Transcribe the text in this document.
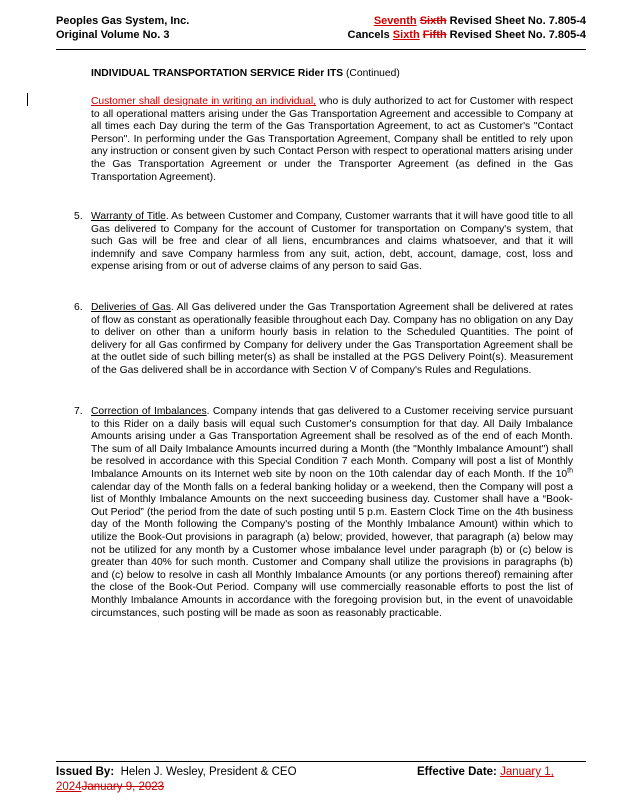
Peoples Gas System, Inc.
Original Volume No. 3
Seventh Sixth Revised Sheet No. 7.805-4
Cancels Sixth Fifth Revised Sheet No. 7.805-4
INDIVIDUAL TRANSPORTATION SERVICE Rider ITS (Continued)
Customer shall designate in writing an individual, who is duly authorized to act for Customer with respect to all operational matters arising under the Gas Transportation Agreement and accessible to Company at all times each Day during the term of the Gas Transportation Agreement, to act as Customer's "Contact Person". In performing under the Gas Transportation Agreement, Company shall be entitled to rely upon any instruction or consent given by such Contact Person with respect to operational matters arising under the Gas Transportation Agreement or under the Transporter Agreement (as defined in the Gas Transportation Agreement).
5. Warranty of Title. As between Customer and Company, Customer warrants that it will have good title to all Gas delivered to Company for the account of Customer for transportation on Company's system, that such Gas will be free and clear of all liens, encumbrances and claims whatsoever, and that it will indemnify and save Company harmless from any suit, action, debt, account, damage, cost, loss and expense arising from or out of adverse claims of any person to said Gas.
6. Deliveries of Gas. All Gas delivered under the Gas Transportation Agreement shall be delivered at rates of flow as constant as operationally feasible throughout each Day. Company has no obligation on any Day to deliver on other than a uniform hourly basis in relation to the Scheduled Quantities. The point of delivery for all Gas confirmed by Company for delivery under the Gas Transportation Agreement shall be at the outlet side of such billing meter(s) as shall be installed at the PGS Delivery Point(s). Measurement of the Gas delivered shall be in accordance with Section V of Company's Rules and Regulations.
7. Correction of Imbalances. Company intends that gas delivered to a Customer receiving service pursuant to this Rider on a daily basis will equal such Customer's consumption for that day. All Daily Imbalance Amounts arising under a Gas Transportation Agreement shall be resolved as of the end of each Month. The sum of all Daily Imbalance Amounts incurred during a Month (the "Monthly Imbalance Amount") shall be resolved in accordance with this Special Condition 7 each Month. Company will post a list of Monthly Imbalance Amounts on its Internet web site by noon on the 10th calendar day of each Month. If the 10th calendar day of the Month falls on a federal banking holiday or a weekend, then the Company will post a list of Monthly Imbalance Amounts on the next succeeding business day. Customer shall have a “Book-Out Period” (the period from the date of such posting until 5 p.m. Eastern Clock Time on the 4th business day of the Month following the Company's posting of the Monthly Imbalance Amount) within which to utilize the Book-Out provisions in paragraph (a) below; provided, however, that paragraph (a) below may not be utilized for any month by a Customer whose imbalance level under paragraph (b) or (c) below is greater than 40% for such month. Customer and Company shall utilize the provisions in paragraphs (b) and (c) below to resolve in cash all Monthly Imbalance Amounts (or any portions thereof) remaining after the close of the Book-Out Period. Company will use commercially reasonable efforts to post the list of Monthly Imbalance Amounts in accordance with the foregoing provision but, in the event of unavoidable circumstances, such posting will be made as soon as reasonably practicable.
Issued By: Helen J. Wesley, President & CEO	Effective Date: January 1,
2024January 9, 2023
